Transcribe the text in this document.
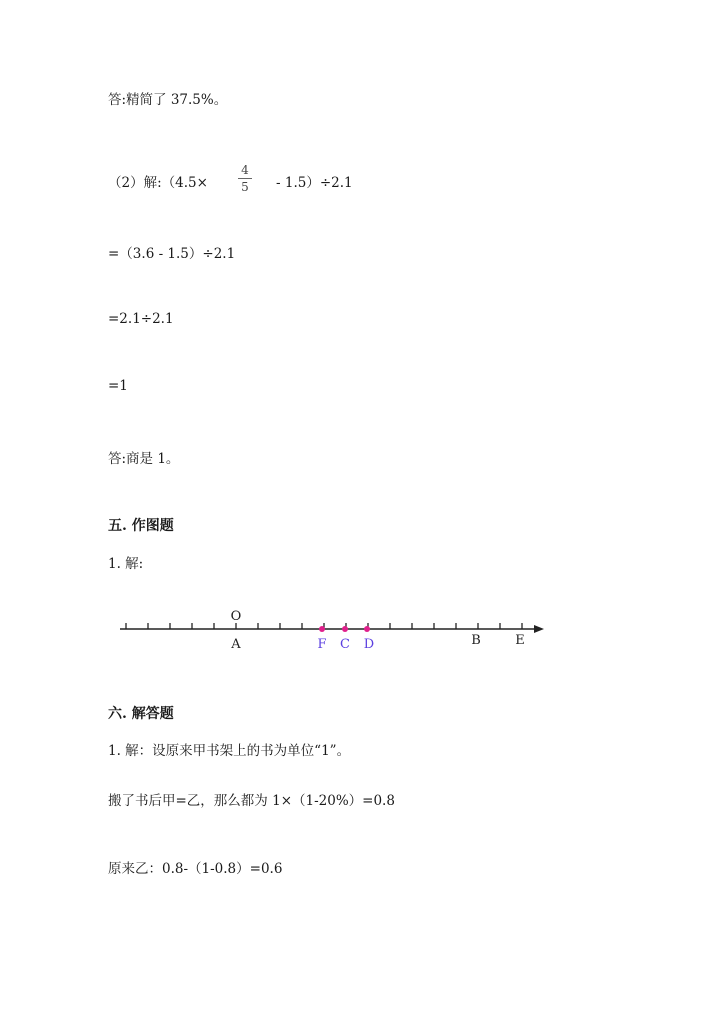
答:精简了 37.5%。
（2）解:（4.5×
4
5 - 1.5）÷2.1
=（3.6 - 1.5）÷2.1
=2.1÷2.1
=1
答:商是 1。
五. 作图题
1. 解:
O
A	F C D	B	E
六. 解答题
1. 解：设原来甲书架上的书为单位“1”。
搬了书后甲=乙，那么都为 1×（1-20%）=0.8
原来乙：0.8-（1-0.8）=0.6
